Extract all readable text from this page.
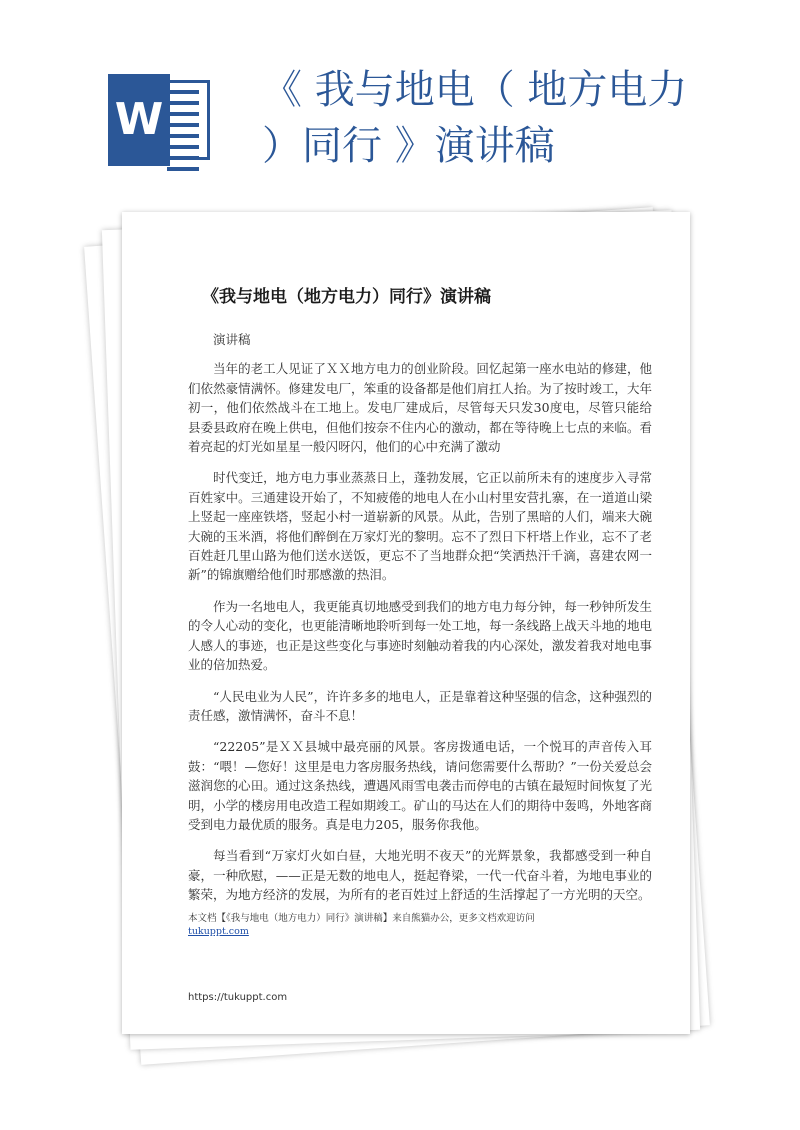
W
《 我与地电（ 地方电力 ）同行 》演讲稿
《我与地电（地方电力）同行》演讲稿

演讲稿

当年的老工人见证了ＸＸ地方电力的创业阶段。回忆起第一座水电站的修建，他们依然豪情满怀。修建发电厂，笨重的设备都是他们肩扛人抬。为了按时竣工，大年初一，他们依然战斗在工地上。发电厂建成后，尽管每天只发30度电，尽管只能给县委县政府在晚上供电，但他们按奈不住内心的激动，都在等待晚上七点的来临。看着亮起的灯光如星星一般闪呀闪，他们的心中充满了激动

时代变迁，地方电力事业蒸蒸日上，蓬勃发展，它正以前所未有的速度步入寻常百姓家中。三通建设开始了，不知疲倦的地电人在小山村里安营扎寨，在一道道山梁上竖起一座座铁塔，竖起小村一道崭新的风景。从此，告别了黑暗的人们，端来大碗大碗的玉米酒，将他们醉倒在万家灯光的黎明。忘不了烈日下杆塔上作业，忘不了老百姓赶几里山路为他们送水送饭，更忘不了当地群众把“笑洒热汗千滴，喜建农网一新”的锦旗赠给他们时那感激的热泪。

作为一名地电人，我更能真切地感受到我们的地方电力每分钟，每一秒钟所发生的令人心动的变化，也更能清晰地聆听到每一处工地，每一条线路上战天斗地的地电人感人的事迹，也正是这些变化与事迹时刻触动着我的内心深处，激发着我对地电事业的倍加热爱。

“人民电业为人民”，许许多多的地电人，正是靠着这种坚强的信念，这种强烈的责任感，激情满怀，奋斗不息！

“22205”是ＸＸ县城中最亮丽的风景。客房拨通电话，一个悦耳的声音传入耳鼓：“喂！—您好！这里是电力客房服务热线，请问您需要什么帮助？”一份关爱总会滋润您的心田。通过这条热线，遭遇风雨雪电袭击而停电的古镇在最短时间恢复了光明，小学的楼房用电改造工程如期竣工。矿山的马达在人们的期待中轰鸣，外地客商受到电力最优质的服务。真是电力205，服务你我他。

每当看到“万家灯火如白昼，大地光明不夜天”的光辉景象，我都感受到一种自豪，一种欣慰，——正是无数的地电人，挺起脊梁，一代一代奋斗着，为地电事业的繁荣，为地方经济的发展，为所有的老百姓过上舒适的生活撑起了一方光明的天空。

本文档【《我与地电（地方电力）同行》演讲稿】来自熊猫办公，更多文档欢迎访问
tukuppt.com
https://tukuppt.com
